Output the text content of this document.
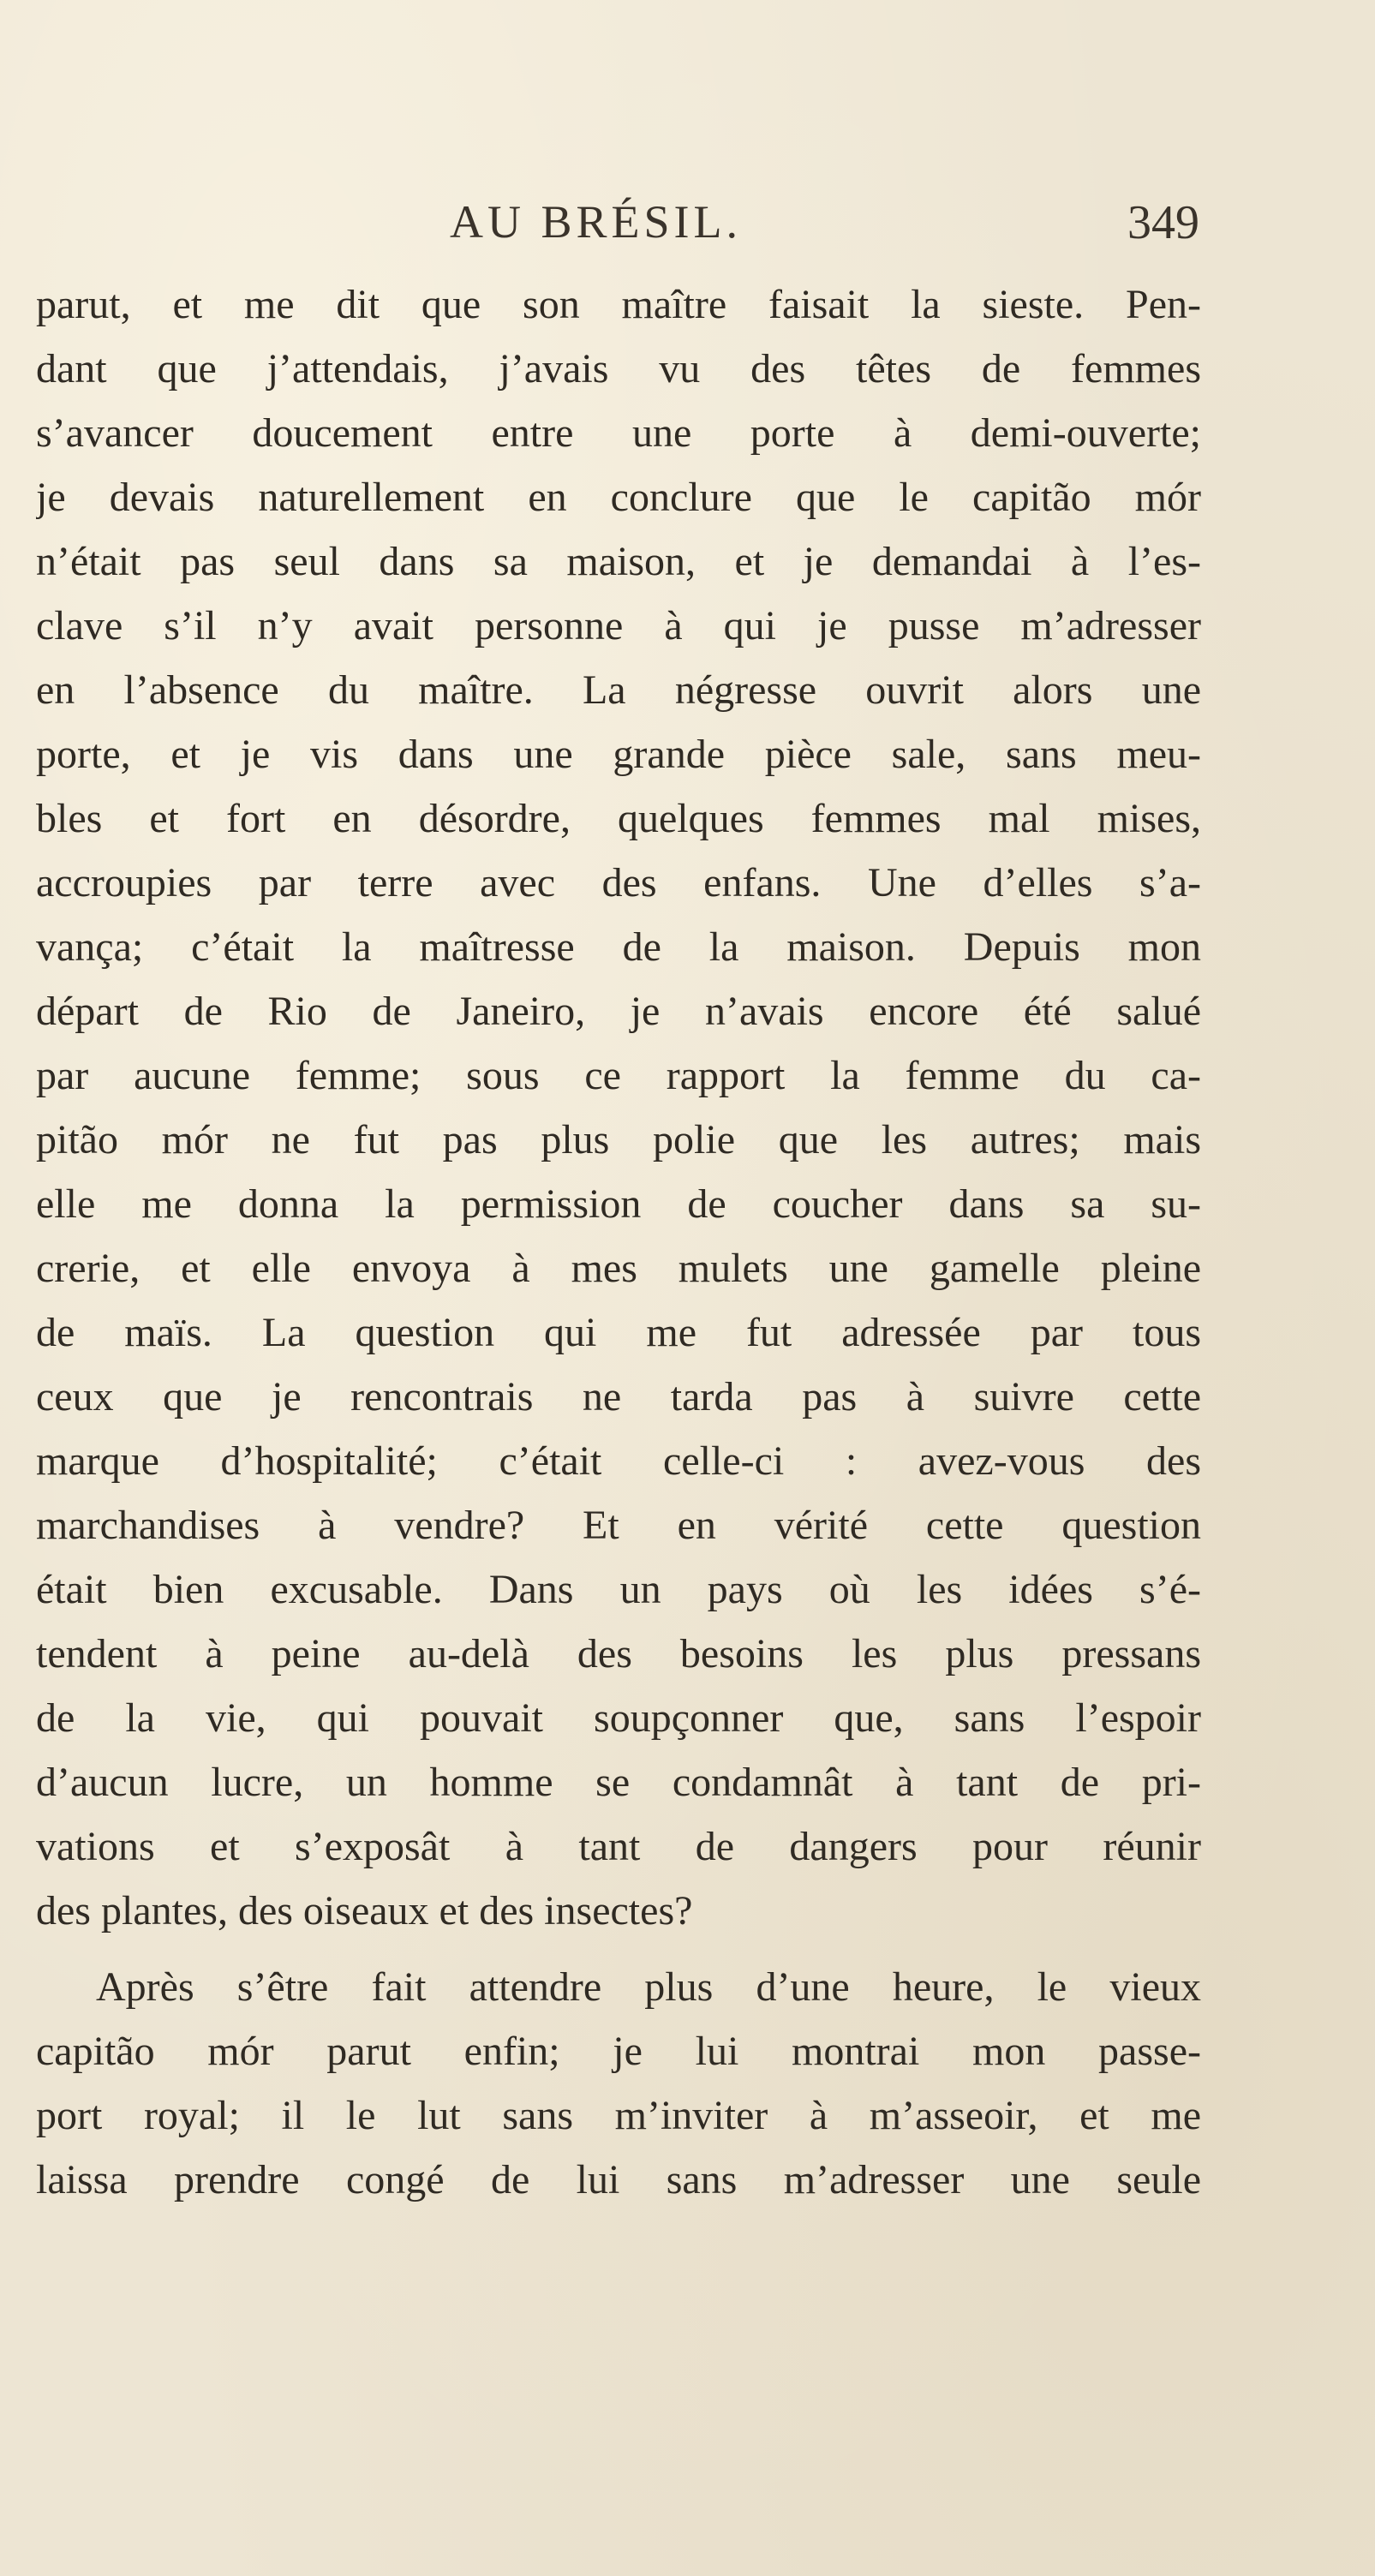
AU BRÉSIL.	349
parut, et me dit que son maître faisait la sieste. Pen-
dant que j’attendais, j’avais vu des têtes de femmes
s’avancer doucement entre une porte à demi-ouverte;
je devais naturellement en conclure que le capitão mór
n’était pas seul dans sa maison, et je demandai à l’es-
clave s’il n’y avait personne à qui je pusse m’adresser
en l’absence du maître. La négresse ouvrit alors une
porte, et je vis dans une grande pièce sale, sans meu-
bles et fort en désordre, quelques femmes mal mises,
accroupies par terre avec des enfans. Une d’elles s’a-
vança; c’était la maîtresse de la maison. Depuis mon
départ de Rio de Janeiro, je n’avais encore été salué
par aucune femme; sous ce rapport la femme du ca-
pitão mór ne fut pas plus polie que les autres; mais
elle me donna la permission de coucher dans sa su-
crerie, et elle envoya à mes mulets une gamelle pleine
de maïs. La question qui me fut adressée par tous
ceux que je rencontrais ne tarda pas à suivre cette
marque d’hospitalité; c’était celle-ci : avez-vous des
marchandises à vendre? Et en vérité cette question
était bien excusable. Dans un pays où les idées s’é-
tendent à peine au-delà des besoins les plus pressans
de la vie, qui pouvait soupçonner que, sans l’espoir
d’aucun lucre, un homme se condamnât à tant de pri-
vations et s’exposât à tant de dangers pour réunir
des plantes, des oiseaux et des insectes?
Après s’être fait attendre plus d’une heure, le vieux
capitão mór parut enfin; je lui montrai mon passe-
port royal; il le lut sans m’inviter à m’asseoir, et me
laissa prendre congé de lui sans m’adresser une seule
